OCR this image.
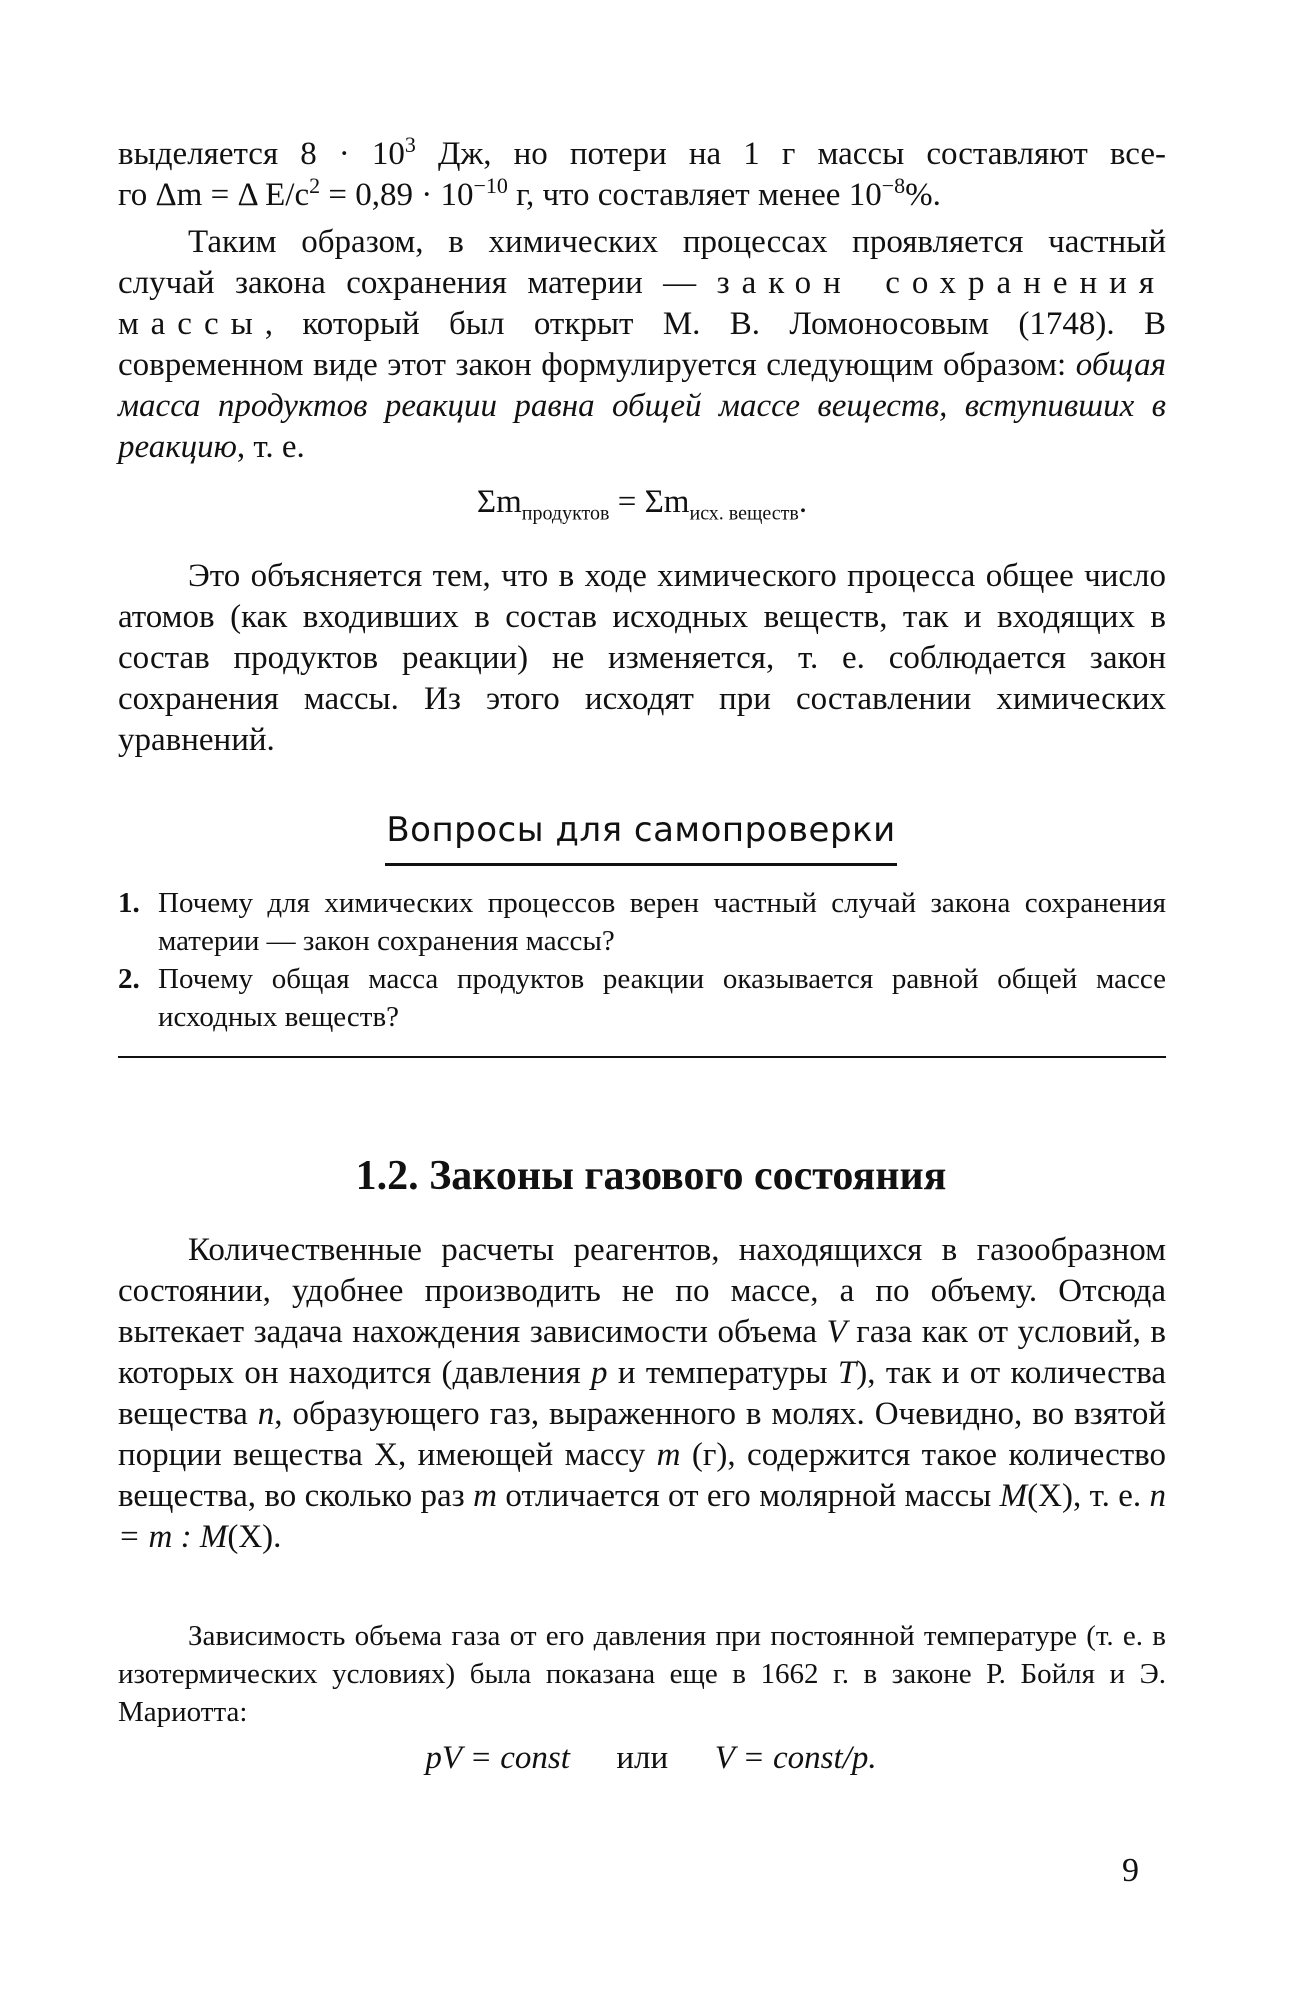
выделяется $8 \cdot 10^3$ Дж, но потери на 1 г массы составляют все-

го Δm = Δ $E/c^2 = 0,89 \cdot 10^{-10}$ г, что составляет менее $10^{-8}\%$.

Таким образом, в химических процессах проявляется частный случай закона сохранения материи — закон сохранения массы, который был открыт М. В. Ломоносовым (1748). В современном виде этот закон формулируется следующим образом: общая масса продуктов реакции равна общей массе веществ, вступивших в реакцию, т. е.

$\Sigma m_{продуктов} = \Sigma m_{исх. веществ}$.

Это объясняется тем, что в ходе химического процесса общее число атомов (как входивших в состав исходных веществ, так и входящих в состав продуктов реакции) не изменяется, т. е. соблюдается закон сохранения массы. Из этого исходят при составлении химических уравнений.

Вопросы для самопроверки
1. Почему для химических процессов верен частный случай закона сохранения материи — закон сохранения массы?
2. Почему общая масса продуктов реакции оказывается равной общей массе исходных веществ?
1.2. Законы газового состояния

Количественные расчеты реагентов, находящихся в газообразном состоянии, удобнее производить не по массе, а по объему. Отсюда вытекает задача нахождения зависимости объема V газа как от условий, в которых он находится (давления p и температуры T), так и от количества вещества n, образующего газ, выраженного в молях. Очевидно, во взятой порции вещества X, имеющей массу m (г), содержится такое количество вещества, во сколько раз m отличается от его молярной массы M(X), т. е. n = m : M(X).

Зависимость объема газа от его давления при постоянной температуре (т. е. в изотермических условиях) была показана еще в 1662 г. в законе Р. Бойля и Э. Мариотта:

pV = const или V = const/p.
9
